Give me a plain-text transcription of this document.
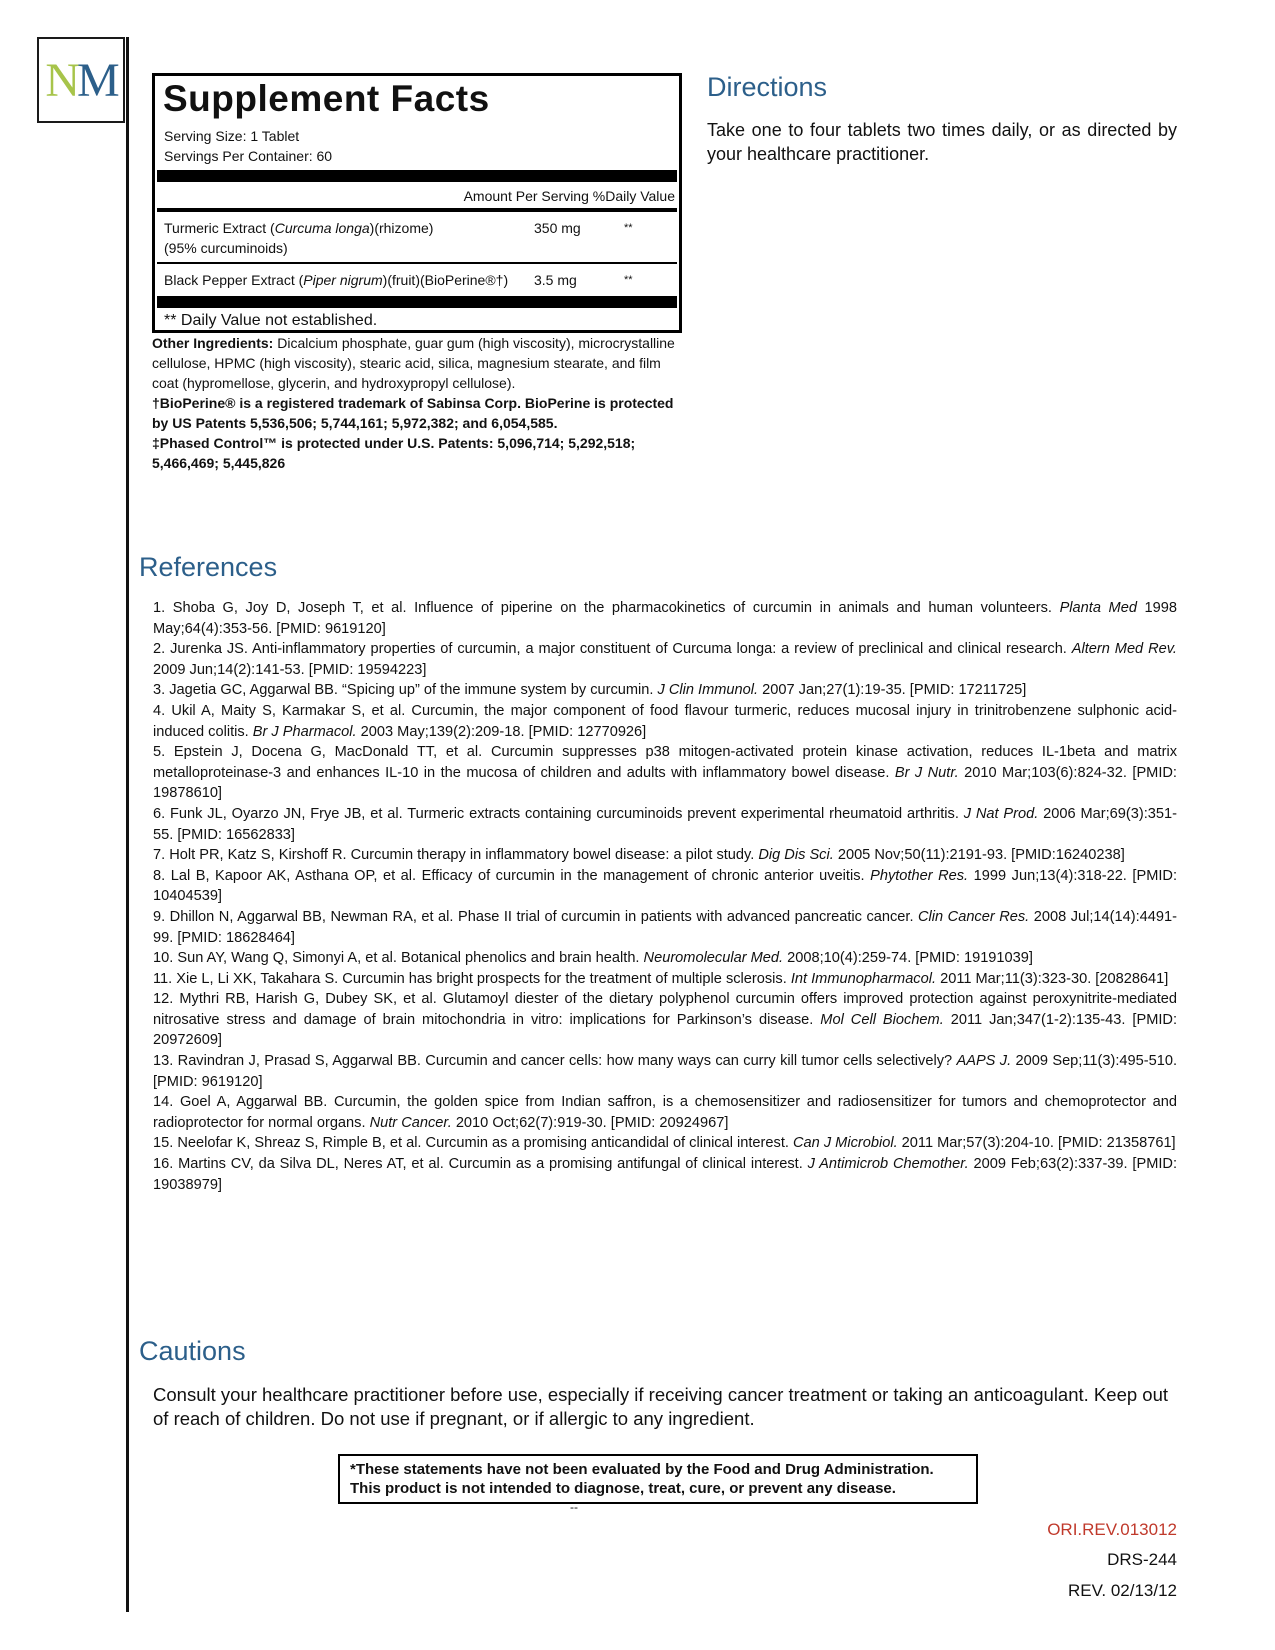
N M Supplement Facts
Serving Size: 1 Tablet
Servings Per Container: 60
Amount Per Serving %Daily Value
Turmeric Extract (Curcuma longa)(rhizome)
(95% curcuminoids)
350 mg	**
Black Pepper Extract (Piper nigrum)(fruit)(BioPerine®†)	3.5 mg	**
** Daily Value not established.
Other Ingredients: Dicalcium phosphate, guar gum (high viscosity), microcrystalline cellulose, HPMC (high viscosity), stearic acid, silica, magnesium stearate, and film coat (hypromellose, glycerin, and hydroxypropyl cellulose).
†BioPerine® is a registered trademark of Sabinsa Corp. BioPerine is protected by US Patents 5,536,506; 5,744,161; 5,972,382; and 6,054,585.
‡Phased Control™ is protected under U.S. Patents: 5,096,714; 5,292,518; 5,466,469; 5,445,826
Directions
Take one to four tablets two times daily, or as directed by your healthcare practitioner.
References

1. Shoba G, Joy D, Joseph T, et al. Influence of piperine on the pharmacokinetics of curcumin in animals and human volunteers. Planta Med 1998 May;64(4):353-56. [PMID: 9619120]

2. Jurenka JS. Anti-inflammatory properties of curcumin, a major constituent of Curcuma longa: a review of preclinical and clinical research. Altern Med Rev. 2009 Jun;14(2):141-53. [PMID: 19594223]

3. Jagetia GC, Aggarwal BB. “Spicing up” of the immune system by curcumin. J Clin Immunol. 2007 Jan;27(1):19-35. [PMID: 17211725]

4. Ukil A, Maity S, Karmakar S, et al. Curcumin, the major component of food flavour turmeric, reduces mucosal injury in trinitrobenzene sulphonic acid-induced colitis. Br J Pharmacol. 2003 May;139(2):209-18. [PMID: 12770926]

5. Epstein J, Docena G, MacDonald TT, et al. Curcumin suppresses p38 mitogen-activated protein kinase activation, reduces IL-1beta and matrix metalloproteinase-3 and enhances IL-10 in the mucosa of children and adults with inflammatory bowel disease. Br J Nutr. 2010 Mar;103(6):824-32. [PMID: 19878610]

6. Funk JL, Oyarzo JN, Frye JB, et al. Turmeric extracts containing curcuminoids prevent experimental rheumatoid arthritis. J Nat Prod. 2006 Mar;69(3):351-55. [PMID: 16562833]

7. Holt PR, Katz S, Kirshoff R. Curcumin therapy in inflammatory bowel disease: a pilot study. Dig Dis Sci. 2005 Nov;50(11):2191-93. [PMID:16240238]

8. Lal B, Kapoor AK, Asthana OP, et al. Efficacy of curcumin in the management of chronic anterior uveitis. Phytother Res. 1999 Jun;13(4):318-22. [PMID: 10404539]

9. Dhillon N, Aggarwal BB, Newman RA, et al. Phase II trial of curcumin in patients with advanced pancreatic cancer. Clin Cancer Res. 2008 Jul;14(14):4491-99. [PMID: 18628464]

10. Sun AY, Wang Q, Simonyi A, et al. Botanical phenolics and brain health. Neuromolecular Med. 2008;10(4):259-74. [PMID: 19191039]

11. Xie L, Li XK, Takahara S. Curcumin has bright prospects for the treatment of multiple sclerosis. Int Immunopharmacol. 2011 Mar;11(3):323-30. [20828641]

12. Mythri RB, Harish G, Dubey SK, et al. Glutamoyl diester of the dietary polyphenol curcumin offers improved protection against peroxynitrite-mediated nitrosative stress and damage of brain mitochondria in vitro: implications for Parkinson’s disease. Mol Cell Biochem. 2011 Jan;347(1-2):135-43. [PMID: 20972609]

13. Ravindran J, Prasad S, Aggarwal BB. Curcumin and cancer cells: how many ways can curry kill tumor cells selectively? AAPS J. 2009 Sep;11(3):495-510. [PMID: 9619120]

14. Goel A, Aggarwal BB. Curcumin, the golden spice from Indian saffron, is a chemosensitizer and radiosensitizer for tumors and chemoprotector and radioprotector for normal organs. Nutr Cancer. 2010 Oct;62(7):919-30. [PMID: 20924967]

15. Neelofar K, Shreaz S, Rimple B, et al. Curcumin as a promising anticandidal of clinical interest. Can J Microbiol. 2011 Mar;57(3):204-10. [PMID: 21358761]

16. Martins CV, da Silva DL, Neres AT, et al. Curcumin as a promising antifungal of clinical interest. J Antimicrob Chemother. 2009 Feb;63(2):337-39. [PMID: 19038979]

Cautions
Consult your healthcare practitioner before use, especially if receiving cancer treatment or taking an anticoagulant. Keep out of reach of children. Do not use if pregnant, or if allergic to any ingredient.
*These statements have not been evaluated by the Food and Drug Administration.
This product is not intended to diagnose, treat, cure, or prevent any disease.
--
ORI.REV.013012
DRS-244
REV. 02/13/12
